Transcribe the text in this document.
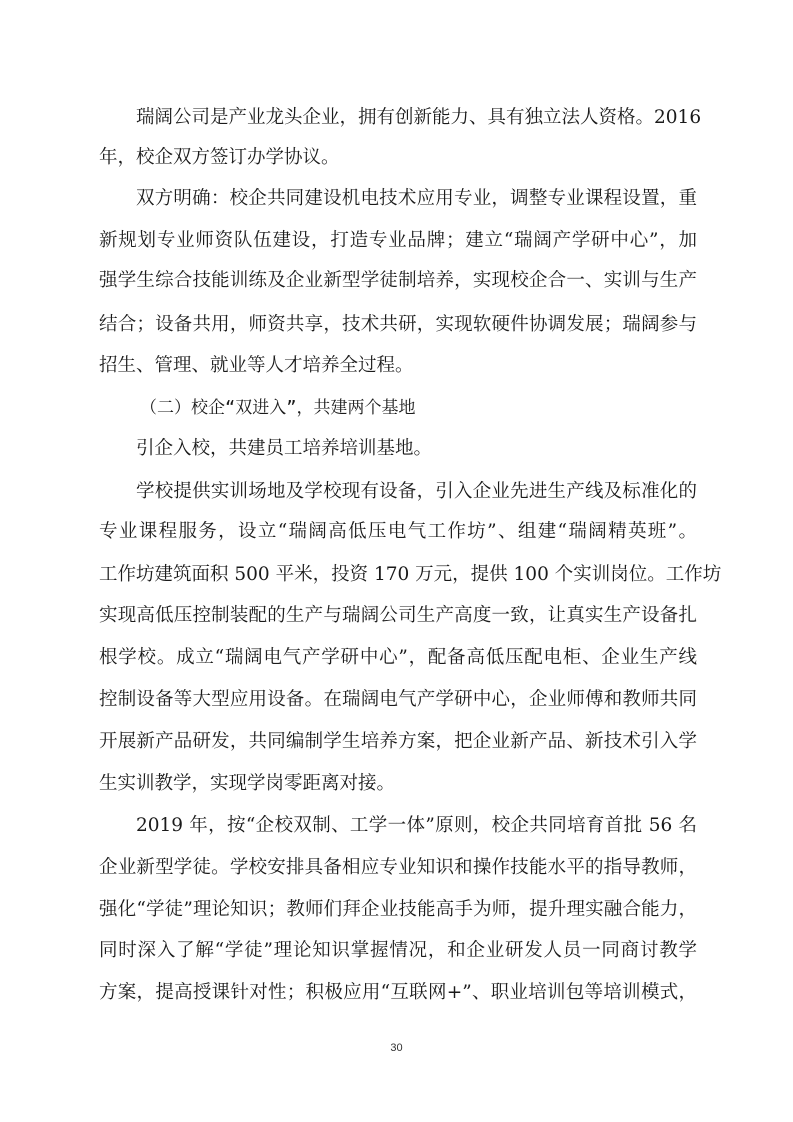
瑞阔公司是产业龙头企业，拥有创新能力、具有独立法人资格。2016
年，校企双方签订办学协议。
双方明确：校企共同建设机电技术应用专业，调整专业课程设置，重
新规划专业师资队伍建设，打造专业品牌；建立“瑞阔产学研中心”，加
强学生综合技能训练及企业新型学徒制培养，实现校企合一、实训与生产
结合；设备共用，师资共享，技术共研，实现软硬件协调发展；瑞阔参与
招生、管理、就业等人才培养全过程。
（二）校企“双进入”，共建两个基地
引企入校，共建员工培养培训基地。
学校提供实训场地及学校现有设备，引入企业先进生产线及标准化的
专业课程服务，设立“瑞阔高低压电气工作坊”、组建“瑞阔精英班”。
工作坊建筑面积 500 平米，投资 170 万元，提供 100 个实训岗位。工作坊
实现高低压控制装配的生产与瑞阔公司生产高度一致，让真实生产设备扎
根学校。成立“瑞阔电气产学研中心”，配备高低压配电柜、企业生产线
控制设备等大型应用设备。在瑞阔电气产学研中心，企业师傅和教师共同
开展新产品研发，共同编制学生培养方案，把企业新产品、新技术引入学
生实训教学，实现学岗零距离对接。
2019 年，按“企校双制、工学一体”原则，校企共同培育首批 56 名
企业新型学徒。学校安排具备相应专业知识和操作技能水平的指导教师，
强化“学徒”理论知识；教师们拜企业技能高手为师，提升理实融合能力，
同时深入了解“学徒”理论知识掌握情况，和企业研发人员一同商讨教学
方案，提高授课针对性；积极应用“互联网+”、职业培训包等培训模式，
30
